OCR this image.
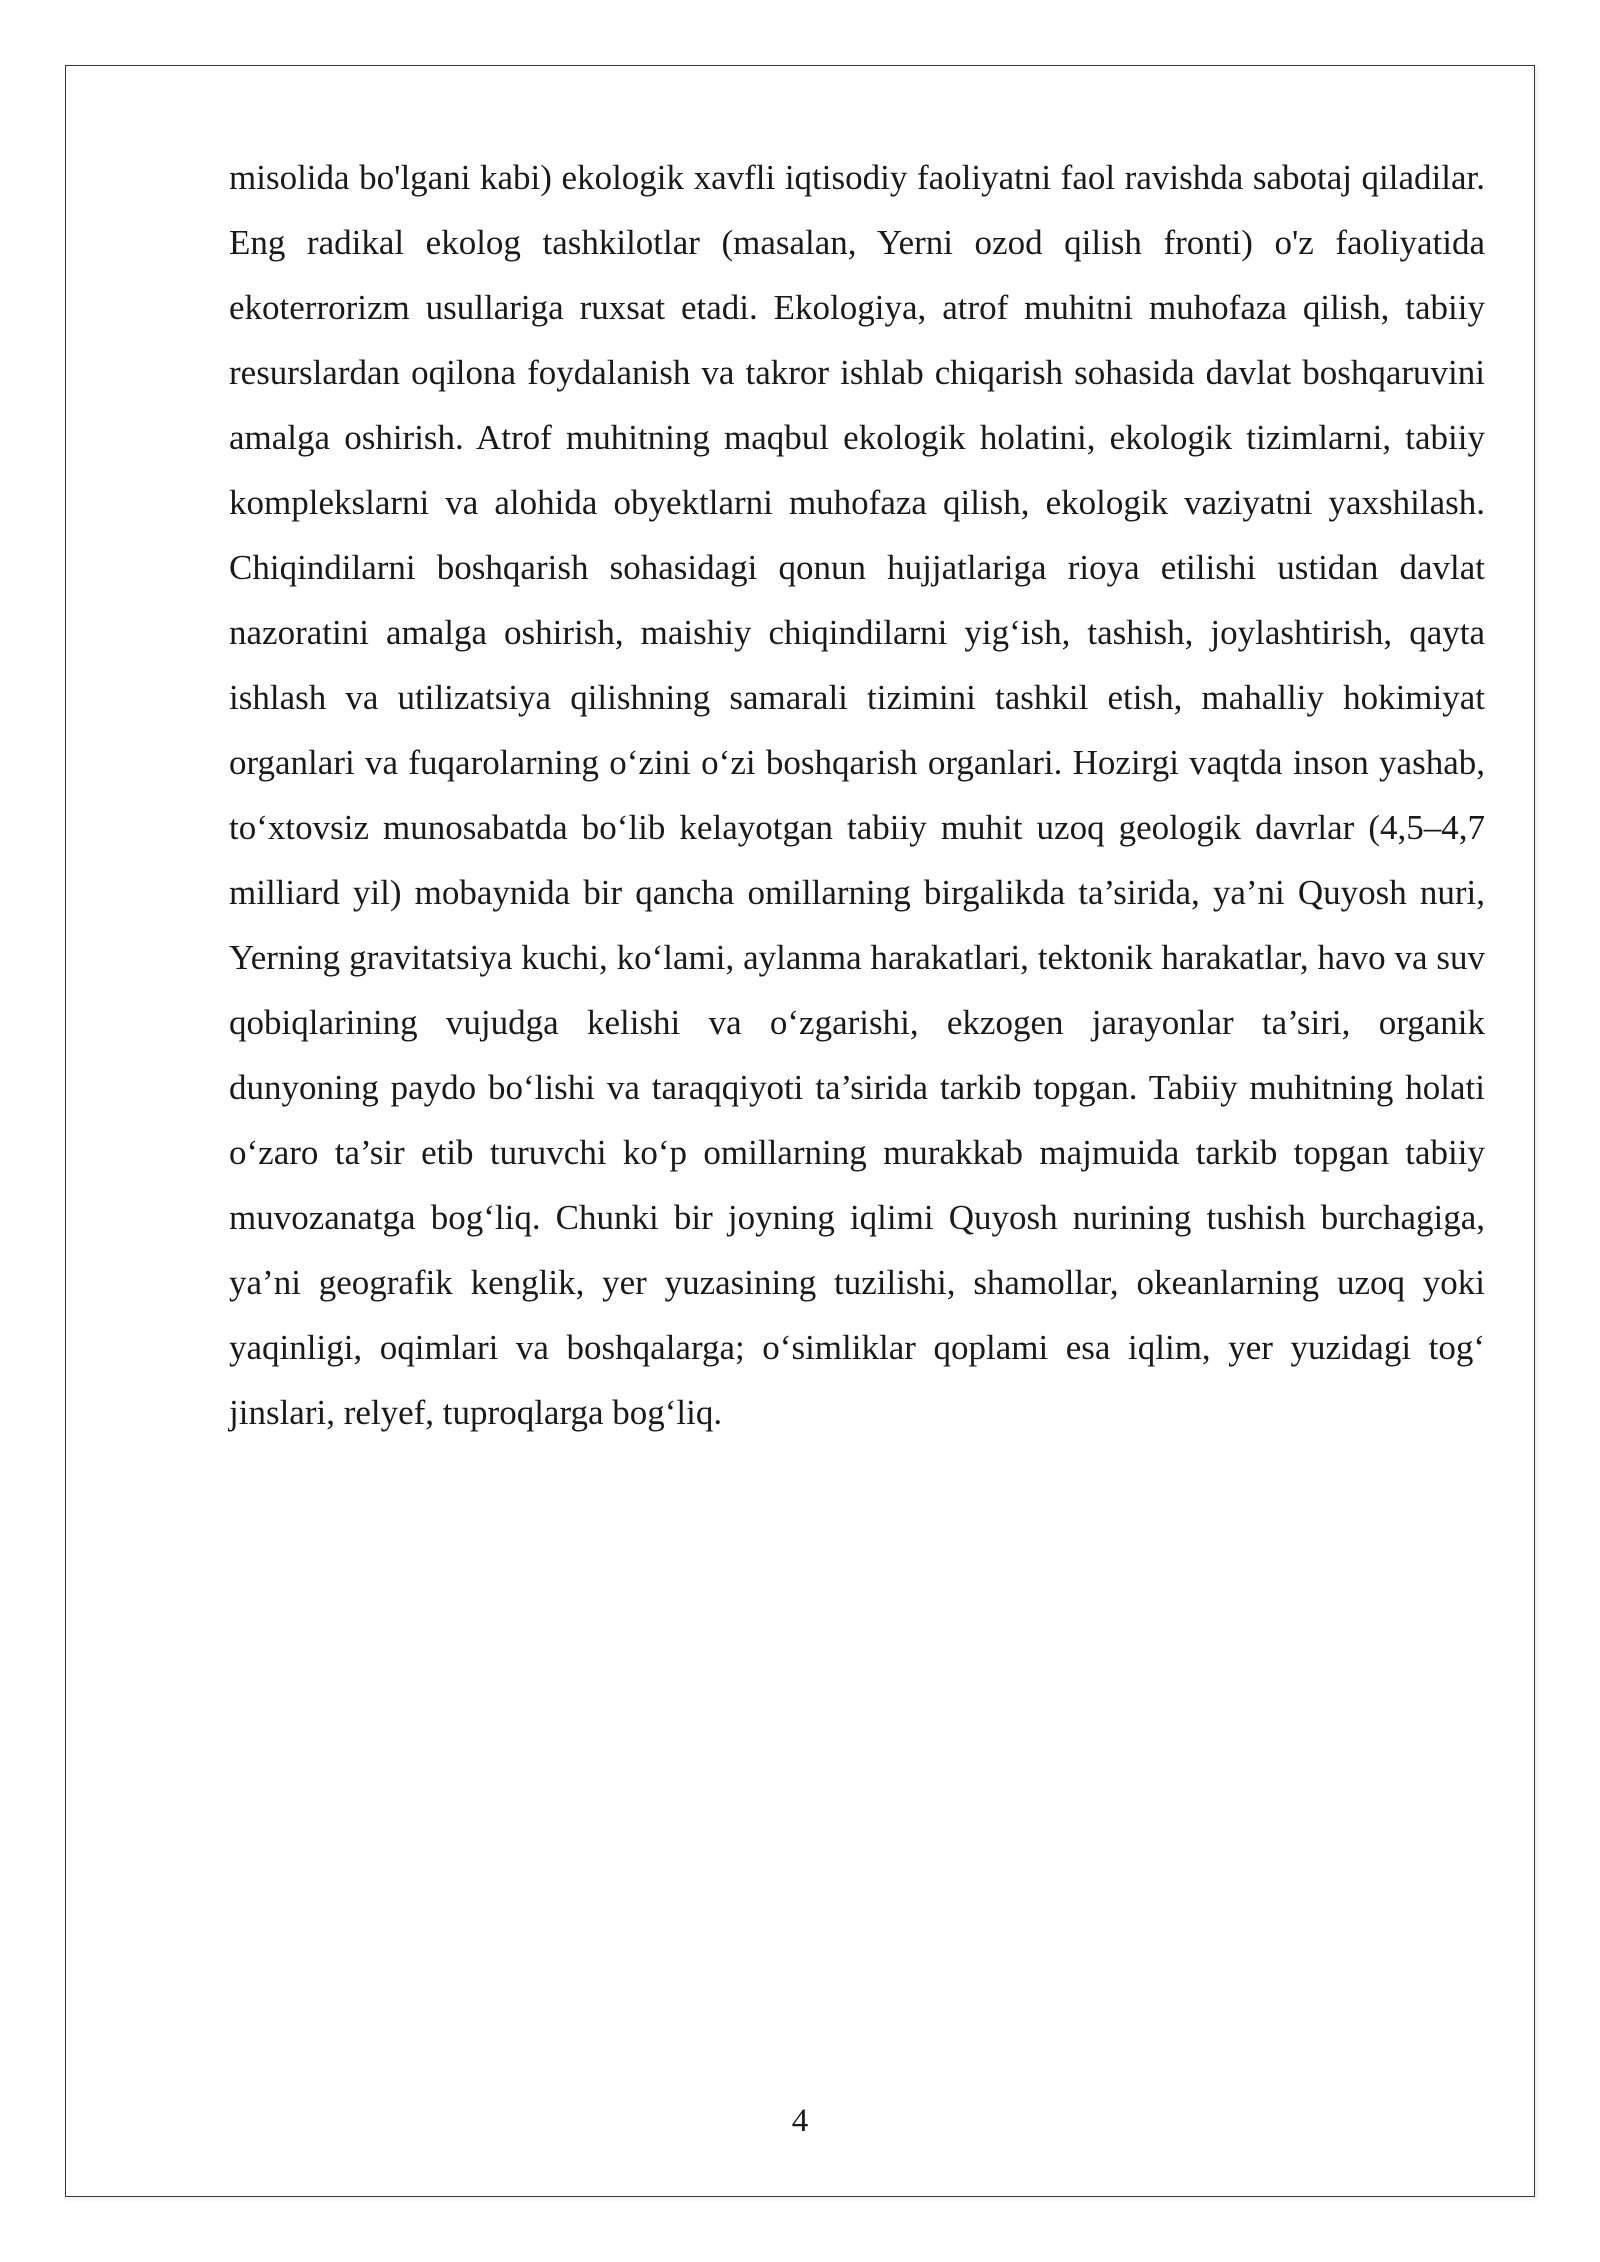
misolida bo'lgani kabi) ekologik xavfli iqtisodiy faoliyatni faol ravishda sabotaj qiladilar. Eng radikal ekolog tashkilotlar (masalan, Yerni ozod qilish fronti) o'z faoliyatida ekoterrorizm usullariga ruxsat etadi. Ekologiya, atrof muhitni muhofaza qilish, tabiiy resurslardan oqilona foydalanish va takror ishlab chiqarish sohasida davlat boshqaruvini amalga oshirish. Atrof muhitning maqbul ekologik holatini, ekologik tizimlarni, tabiiy komplekslarni va alohida obyektlarni muhofaza qilish, ekologik vaziyatni yaxshilash. Chiqindilarni boshqarish sohasidagi qonun hujjatlariga rioya etilishi ustidan davlat nazoratini amalga oshirish, maishiy chiqindilarni yig‘ish, tashish, joylashtirish, qayta ishlash va utilizatsiya qilishning samarali tizimini tashkil etish, mahalliy hokimiyat organlari va fuqarolarning o‘zini o‘zi boshqarish organlari. Hozirgi vaqtda inson yashab, to‘xtovsiz munosabatda bo‘lib kelayotgan tabiiy muhit uzoq geologik davrlar (4,5–4,7 milliard yil) mobaynida bir qancha omillarning birgalikda ta’sirida, ya’ni Quyosh nuri, Yerning gravitatsiya kuchi, ko‘lami, aylanma harakatlari, tektonik harakatlar, havo va suv qobiqlarining vujudga kelishi va o‘zgarishi, ekzogen jarayonlar ta’siri, organik dunyoning paydo bo‘lishi va taraqqiyoti ta’sirida tarkib topgan. Tabiiy muhitning holati o‘zaro ta’sir etib turuvchi ko‘p omillarning murakkab majmuida tarkib topgan tabiiy muvozanatga bog‘liq. Chunki bir joyning iqlimi Quyosh nurining tushish burchagiga, ya’ni geografik kenglik, yer yuzasining tuzilishi, shamollar, okeanlarning uzoq yoki yaqinligi, oqimlari va boshqalarga; o‘simliklar qoplami esa iqlim, yer yuzidagi tog‘ jinslari, relyef, tuproqlarga bog‘liq.

4
